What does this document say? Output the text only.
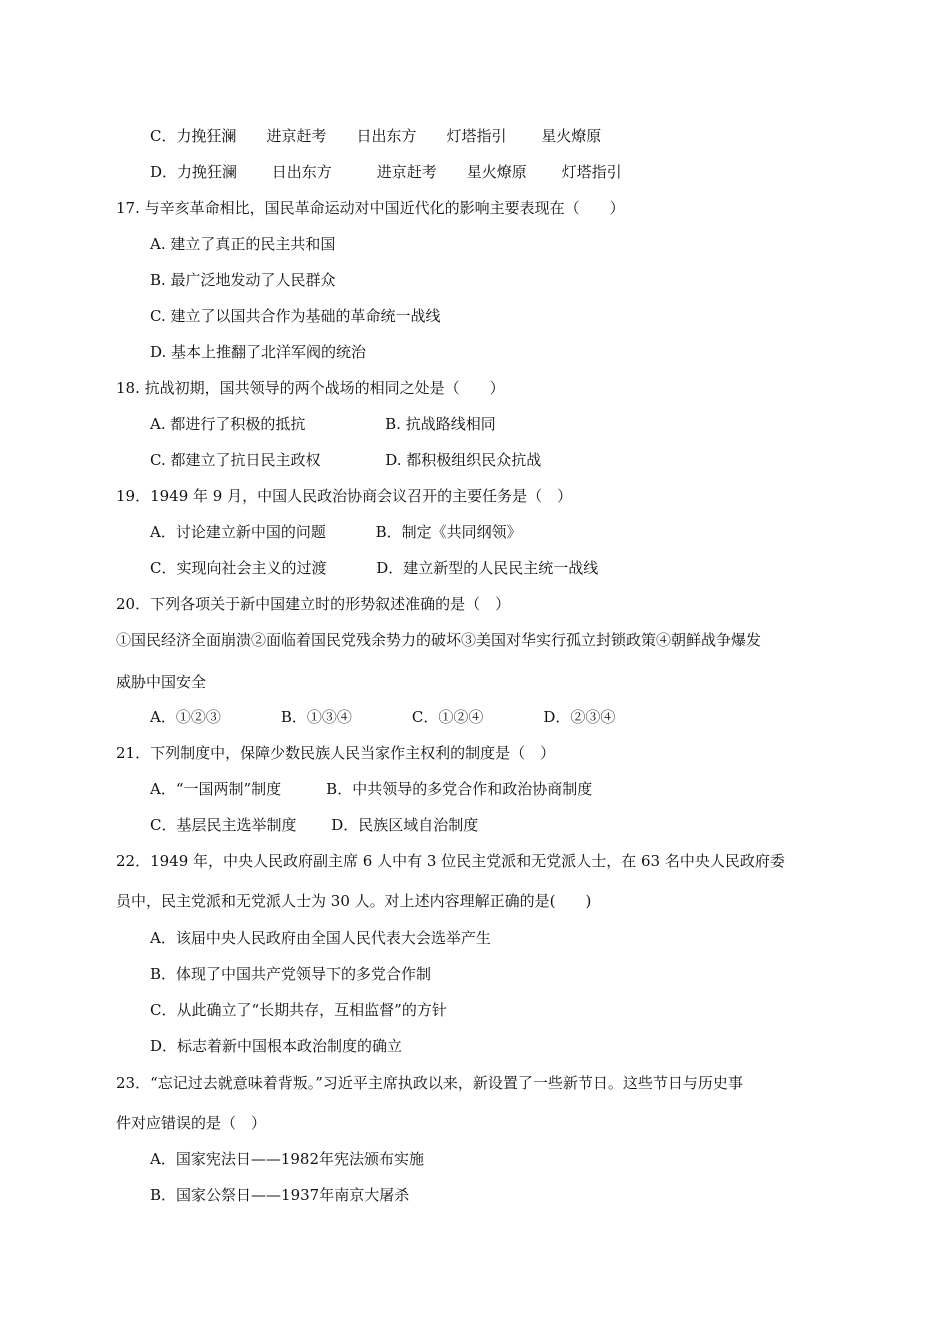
C．力挽狂澜　　进京赶考　　日出东方　　灯塔指引　　 星火燎原
D．力挽狂澜　　 日出东方　　　进京赶考　　星火燎原　　 灯塔指引
17. 与辛亥革命相比，国民革命运动对中国近代化的影响主要表现在（　　）
A. 建立了真正的民主共和国
B. 最广泛地发动了人民群众
C. 建立了以国共合作为基础的革命统一战线
D. 基本上推翻了北洋军阀的统治
18. 抗战初期，国共领导的两个战场的相同之处是（　　）
A. 都进行了积极的抵抗　　　　　 B. 抗战路线相同
C. 都建立了抗日民主政权　　　　 D. 都积极组织民众抗战
19．1949 年 9 月，中国人民政治协商会议召开的主要任务是（　）
A．讨论建立新中国的问题　　　 B．制定《共同纲领》
C．实现向社会主义的过渡　　　 D．建立新型的人民民主统一战线
20．下列各项关于新中国建立时的形势叙述准确的是（　）
①国民经济全面崩溃②面临着国民党残余势力的破坏③美国对华实行孤立封锁政策④朝鲜战争爆发
威胁中国安全
A．①②③　　　　B．①③④　　　　C．①②④　　　　D．②③④
21．下列制度中，保障少数民族人民当家作主权利的制度是（　）
A．“一国两制”制度　　　B．中共领导的多党合作和政治协商制度
C．基层民主选举制度　　 D．民族区域自治制度
22．1949 年，中央人民政府副主席 6 人中有 3 位民主党派和无党派人士，在 63 名中央人民政府委
员中，民主党派和无党派人士为 30 人。对上述内容理解正确的是(　　)
A．该届中央人民政府由全国人民代表大会选举产生
B．体现了中国共产党领导下的多党合作制
C．从此确立了“长期共存，互相监督”的方针
D．标志着新中国根本政治制度的确立
23．“忘记过去就意味着背叛。”习近平主席执政以来，新设置了一些新节日。这些节日与历史事
件对应错误的是（　）
A．国家宪法日——1982年宪法颁布实施
B．国家公祭日——1937年南京大屠杀
